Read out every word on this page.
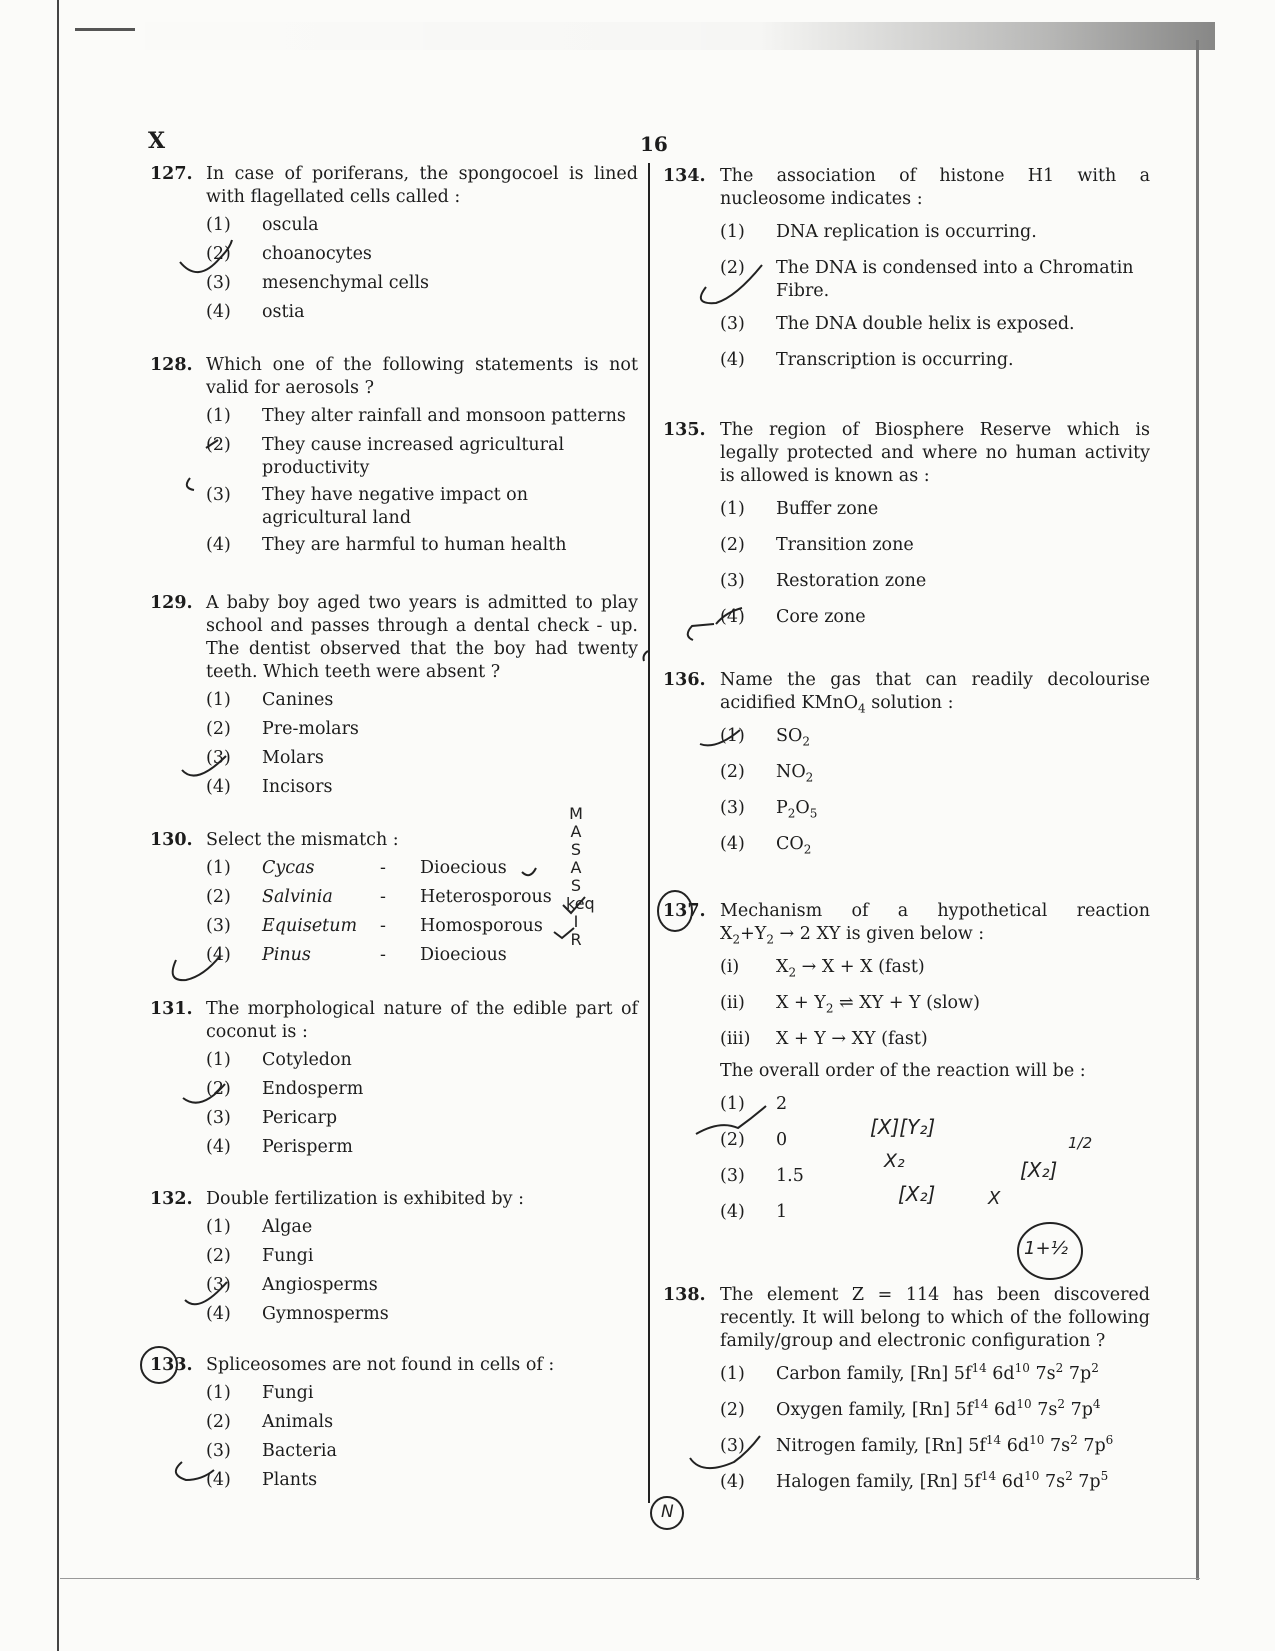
X	16
127. In case of poriferans, the spongocoel is lined with flagellated cells called :
(1)	oscula
(2)	choanocytes
(3)	mesenchymal cells
(4)	ostia
128. Which one of the following statements is not valid for aerosols ?
(1)	They alter rainfall and monsoon patterns
(2)	They cause increased agricultural productivity
(3)	They have negative impact on agricultural land
(4)	They are harmful to human health
129. A baby boy aged two years is admitted to play school and passes through a dental check - up. The dentist observed that the boy had twenty teeth. Which teeth were absent ?
(1)	Canines
(2)	Pre-molars
(3)	Molars
(4)	Incisors
130. Select the mismatch :
(1)	Cycas	-	Dioecious
(2)	Salvinia	-	Heterosporous
(3)	Equisetum	-	Homosporous
(4)	Pinus	-	Dioecious
131. The morphological nature of the edible part of coconut is :
(1)	Cotyledon
(2)	Endosperm
(3)	Pericarp
(4)	Perisperm
132. Double fertilization is exhibited by :
(1)	Algae
(2)	Fungi
(3)	Angiosperms
(4)	Gymnosperms
133. Spliceosomes are not found in cells of :
(1)	Fungi
(2)	Animals
(3)	Bacteria
(4)	Plants
134. The association of histone H1 with a nucleosome indicates :
(1)	DNA replication is occurring.
(2)	The DNA is condensed into a Chromatin Fibre.
(3)	The DNA double helix is exposed.
(4)	Transcription is occurring.
135. The region of Biosphere Reserve which is legally protected and where no human activity is allowed is known as :
(1)	Buffer zone
(2)	Transition zone
(3)	Restoration zone
(4)	Core zone
136. Name the gas that can readily decolourise acidified KMnO$_4$ solution :
(1)	$SO_2$
(2)	$NO_2$
(3)	$P_2O_5$
(4)	$CO_2$
137. Mechanism of a hypothetical reaction
$X_2+Y_2 \to 2$ XY is given below :
(i)	$X_2 \to X + X$ (fast)
(ii)	$X + Y_2$ ⇌ XY + Y (slow)
(iii)	X + Y → XY (fast)
The overall order of the reaction will be :
(1)	2
(2)	0
(3)	1.5
(4)	1
138. The element Z = 114 has been discovered recently. It will belong to which of the following family/group and electronic configuration ?
(1)	Carbon family, [Rn] $5f^{14}$ $6d^{10}$ $7s^2$ $7p^2$
(2)	Oxygen family, [Rn] $5f^{14}$ $6d^{10}$ $7s^2$ $7p^4$
(3)	Nitrogen family, [Rn] $5f^{14}$ $6d^{10}$ $7s^2$ $7p^6$
(4)	Halogen family, [Rn] $5f^{14}$ $6d^{10}$ $7s^2$ $7p^5$
M
A
S
A
S
keq
I
R
[X][Y₂]
X₂
[X₂]	X
[X₂]
1/2
1+½
N
